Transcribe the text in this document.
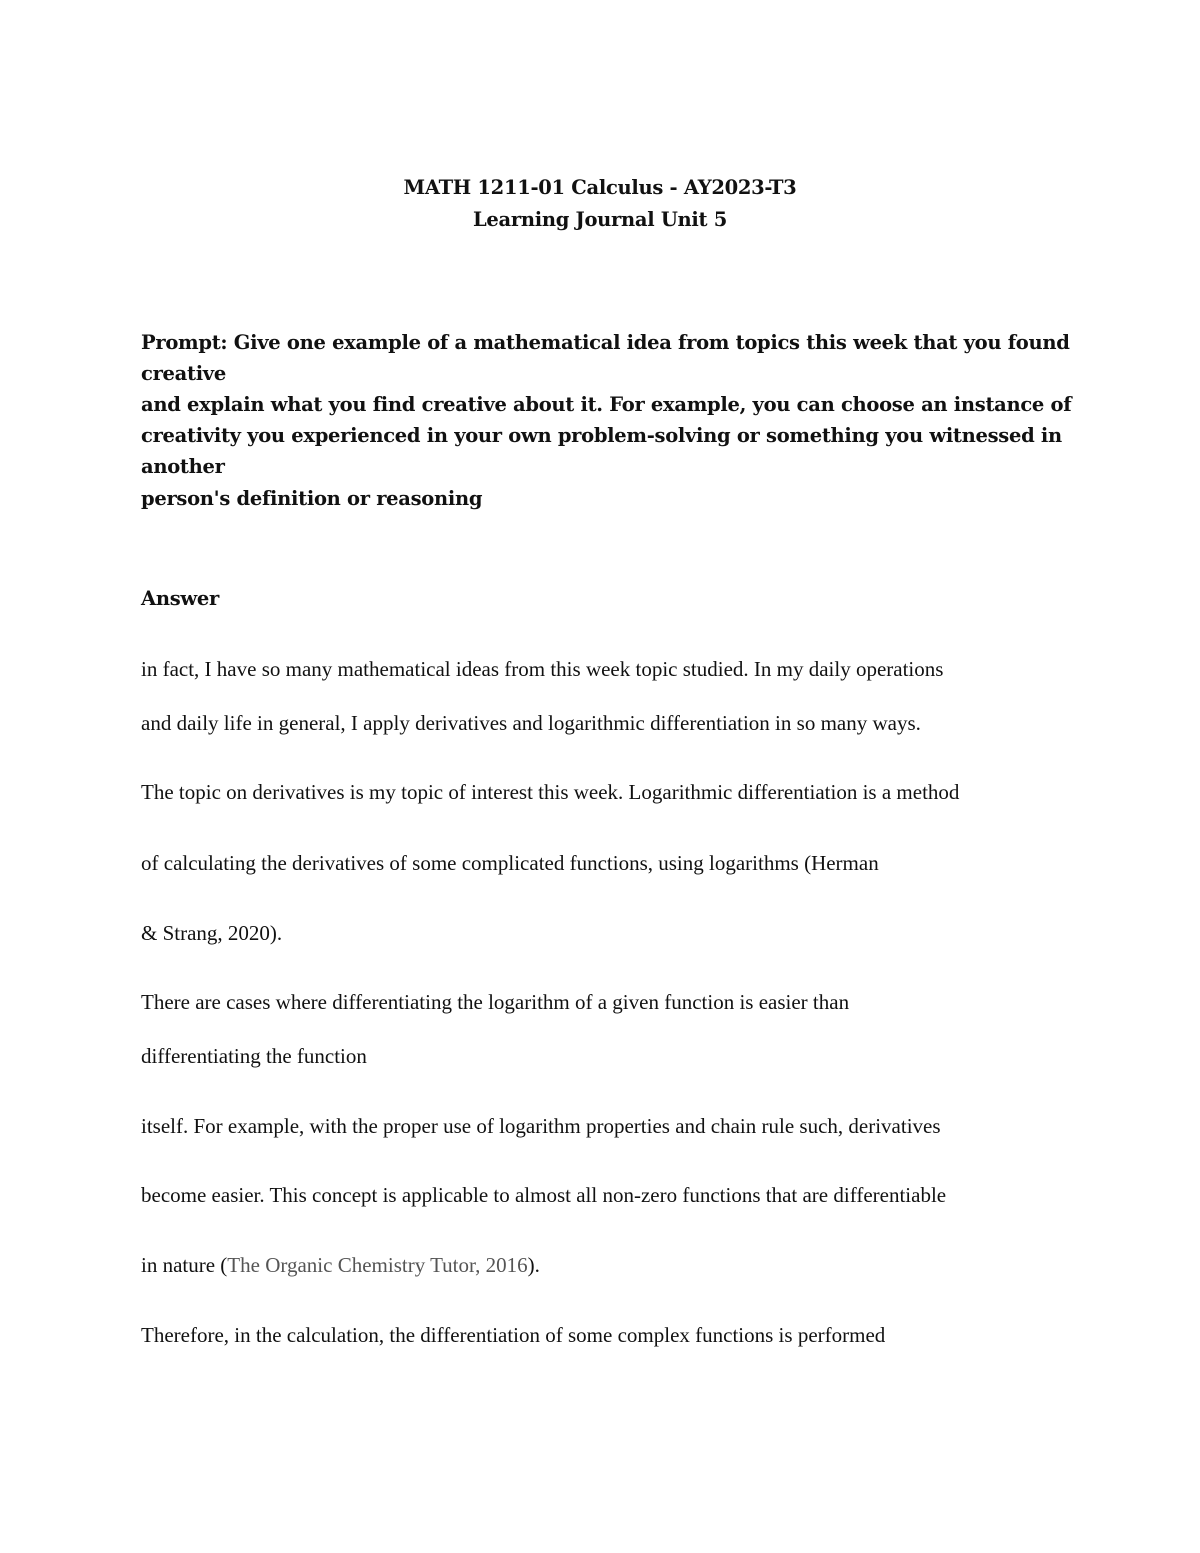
MATH 1211-01 Calculus - AY2023-T3
Learning Journal Unit 5
Prompt: Give one example of a mathematical idea from topics this week that you found
creative
and explain what you find creative about it. For example, you can choose an instance of
creativity you experienced in your own problem-solving or something you witnessed in
another
person's definition or reasoning
Answer
in fact, I have so many mathematical ideas from this week topic studied. In my daily operations
and daily life in general, I apply derivatives and logarithmic differentiation in so many ways.
The topic on derivatives is my topic of interest this week. Logarithmic differentiation is a method
of calculating the derivatives of some complicated functions, using logarithms (Herman
& Strang, 2020).
There are cases where differentiating the logarithm of a given function is easier than
differentiating the function
itself. For example, with the proper use of logarithm properties and chain rule such, derivatives
become easier. This concept is applicable to almost all non-zero functions that are differentiable
in nature (The Organic Chemistry Tutor, 2016).
Therefore, in the calculation, the differentiation of some complex functions is performed
